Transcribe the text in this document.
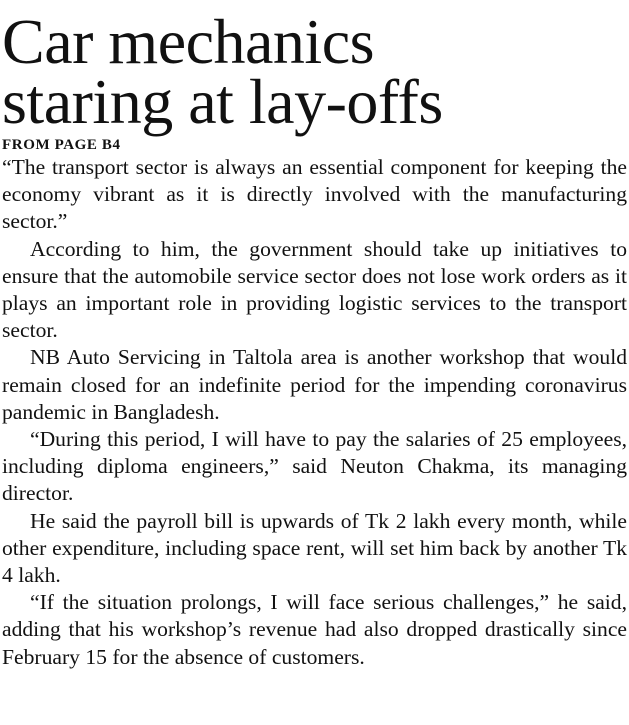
Car mechanics
staring at lay-offs
FROM PAGE B4

“The transport sector is always an essential component for keeping the economy vibrant as it is directly involved with the manufacturing sector.”

According to him, the government should take up initiatives to ensure that the automobile service sector does not lose work orders as it plays an important role in providing logistic services to the transport sector.

NB Auto Servicing in Taltola area is another workshop that would remain closed for an indefinite period for the impending coronavirus pandemic in Bangladesh.

“During this period, I will have to pay the salaries of 25 employees, including diploma engineers,” said Neuton Chakma, its managing director.

He said the payroll bill is upwards of Tk 2 lakh every month, while other expenditure, including space rent, will set him back by another Tk 4 lakh.

“If the situation prolongs, I will face serious challenges,” he said, adding that his workshop’s revenue had also dropped drastically since February 15 for the absence of customers.
